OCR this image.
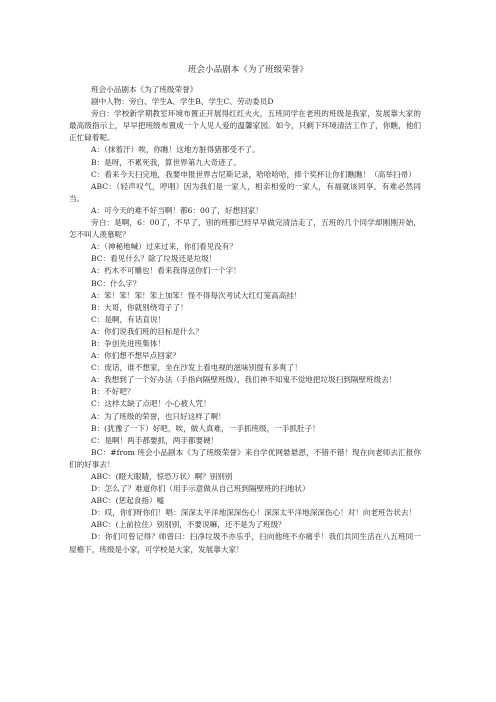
班会小品剧本《为了班级荣誉》

班会小品剧本《为了班级荣誉》

剧中人物：旁白、学生A、学生B、学生C、劳动委员D

旁白：学校新学期教室环境布置正开展得红红火火，五班同学在老班的班级是我家，发展靠大家的最高级指示上，早早把班级布置成一个人见人爱的温馨家园。如今，只剩下环境清洁工作了，你瞧，他们正忙碌着呢。

A：（抹着汗）唉，你瞧！这地方脏得猪都受不了。

B：是呀，不累死我，算世界第九大奇迹了。

C：看来今天扫完地，我要申报世界吉尼斯记录，哈哈哈哈，捧个奖杯让你们瞧瞧！（高举扫帚）

ABC：（轻声叹气，哼唱）因为我们是一家人，相亲相爱的一家人，有福就该同享，有难必然同当。

A：可今天的难不好当啊！都6：00了，好想回家！

旁白：是啊，6：00了，不早了，别的班都已经早早做完清洁走了，五班的几个同学却刚刚开始，怎不叫人羡慕呢？

A：（神秘地喊）过来过来，你们看见没有？

BC：看见什么？除了垃圾还是垃圾！

A：朽木不可雕也！看来我得送你们一个字！

BC：什么字？

A：笨！笨！笨！笨上加笨！怪不得每次考试大红灯笼高高挂！

B：大哥，你就别绕弯子了！

C：是啊，有话直说！

A：你们说我们班的目标是什么？

B：争创先进班集体！

A：你们想不想早点回家？

C：废话，谁不想家，坐在沙发上看电视的滋味别提有多爽了！

A：我想到了一个好办法（手指向隔壁班级），我们神不知鬼不觉地把垃圾扫到隔壁班级去！

B：不好吧？

C：这样太缺了点吧！小心被人咒！

A：为了班级的荣誉，也只好这样了啊！

B：(犹豫了一下）好吧，唉，做人真难，一手抓班级，一手抓肚子！

C：是啊！两手都要抓，两手都要硬！

BC：#from 班会小品剧本《为了班级荣誉》来自学优网悬悬恩，不错不错！现在向老师去汇报你们的好事去！

ABC：(瞪大眼睛，惊恐万状）啊？别别别

D：怎么了？难道你们（用手示意做从自己班到隔壁班的扫地状）

ABC：(惩起食指）嘘

D：哎，你们呀你们！唱：深深太平洋地深深伤心！深深太平洋地深深伤心！对！向老班告状去！

ABC：(上前拉住）别别别，不要说嘛，还不是为了班级？

D：你们可曾记得？师曾曰：扫净垃圾不亦乐乎，扫向他班不亦痛乎！我们共同生活在八五班同一屋檐下，班级是小家，可学校是大家，发展靠大家！
